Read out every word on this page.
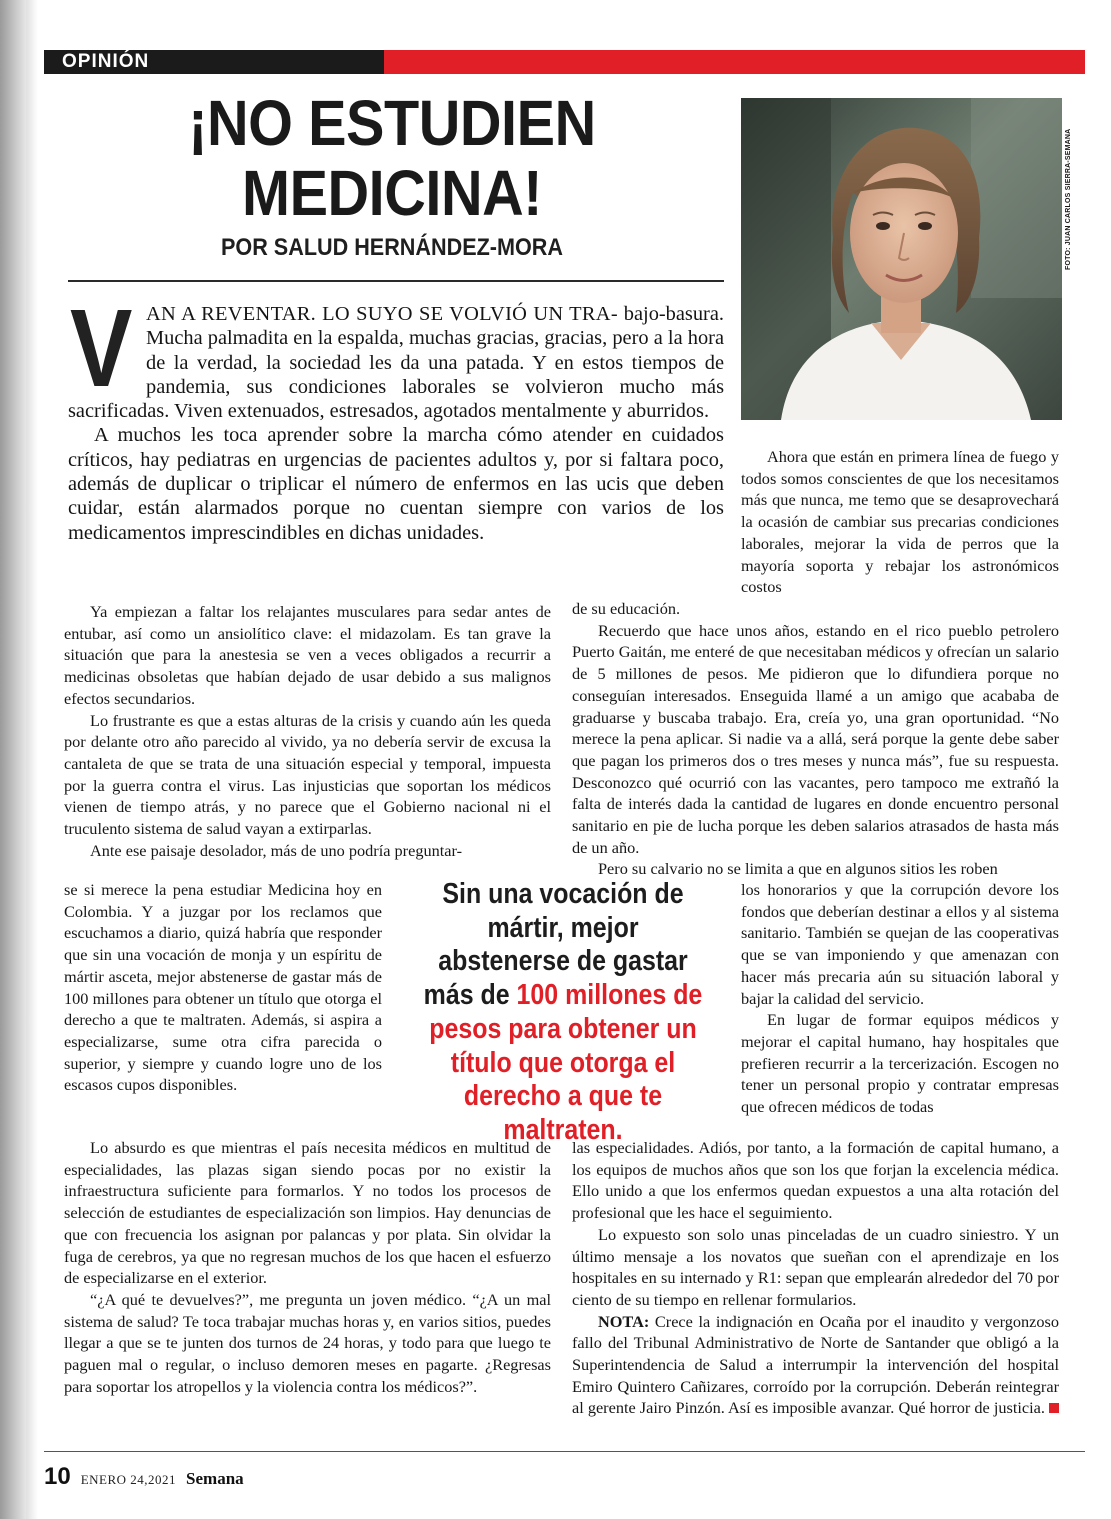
OPINIÓN
¡NO ESTUDIEN
MEDICINA!
POR SALUD HERNÁNDEZ-MORA	FOTO: JUAN CARLOS SIERRA-SEMANA

VAN A REVENTAR. LO SUYO SE VOLVIÓ UN TRA- bajo-basura. Mucha palmadita en la espalda, muchas gracias, gracias, pero a la hora de la verdad, la sociedad les da una patada. Y en estos tiempos de pandemia, sus condiciones laborales se volvieron mucho más sacrificadas. Viven extenuados, estresados, agotados mentalmente y aburridos.

A muchos les toca aprender sobre la marcha cómo atender en cuidados críticos, hay pediatras en urgencias de pacientes adultos y, por si faltara poco, además de duplicar o triplicar el número de enfermos en las ucis que deben cuidar, están alarmados porque no cuentan siempre con varios de los medicamentos imprescindibles en dichas unidades.

Ahora que están en primera línea de fuego y todos somos conscientes de que los necesitamos más que nunca, me temo que se desaprovechará la ocasión de cambiar sus precarias condiciones laborales, mejorar la vida de perros que la mayoría soporta y rebajar los astronómicos costos

Ya empiezan a faltar los relajantes musculares para sedar antes de entubar, así como un ansiolítico clave: el midazolam. Es tan grave la situación que para la anestesia se ven a veces obligados a recurrir a medicinas obsoletas que habían dejado de usar debido a sus malignos efectos secundarios.

Lo frustrante es que a estas alturas de la crisis y cuando aún les queda por delante otro año parecido al vivido, ya no debería servir de excusa la cantaleta de que se trata de una situación especial y temporal, impuesta por la guerra contra el virus. Las injusticias que soportan los médicos vienen de tiempo atrás, y no parece que el Gobierno nacional ni el truculento sistema de salud vayan a extirparlas.

Ante ese paisaje desolador, más de uno podría preguntar-

se si merece la pena estudiar Medicina hoy en Colombia. Y a juzgar por los reclamos que escuchamos a diario, quizá habría que responder que sin una vocación de monja y un espíritu de mártir asceta, mejor abstenerse de gastar más de 100 millones para obtener un título que otorga el derecho a que te maltraten. Además, si aspira a especializarse, sume otra cifra parecida o superior, y siempre y cuando logre uno de los escasos cupos disponibles.

Sin una vocación de mártir, mejor abstenerse de gastar más de 100 millones de pesos para obtener un título que otorga el derecho a que te maltraten.

Lo absurdo es que mientras el país necesita médicos en multitud de especialidades, las plazas sigan siendo pocas por no existir la infraestructura suficiente para formarlos. Y no todos los procesos de selección de estudiantes de especialización son limpios. Hay denuncias de que con frecuencia los asignan por palancas y por plata. Sin olvidar la fuga de cerebros, ya que no regresan muchos de los que hacen el esfuerzo de especializarse en el exterior.

“¿A qué te devuelves?”, me pregunta un joven médico. “¿A un mal sistema de salud? Te toca trabajar muchas horas y, en varios sitios, puedes llegar a que se te junten dos turnos de 24 horas, y todo para que luego te paguen mal o regular, o incluso demoren meses en pagarte. ¿Regresas para soportar los atropellos y la violencia contra los médicos?”.

de su educación.

Recuerdo que hace unos años, estando en el rico pueblo petrolero Puerto Gaitán, me enteré de que necesitaban médicos y ofrecían un salario de 5 millones de pesos. Me pidieron que lo difundiera porque no conseguían interesados. Enseguida llamé a un amigo que acababa de graduarse y buscaba trabajo. Era, creía yo, una gran oportunidad. “No merece la pena aplicar. Si nadie va a allá, será porque la gente debe saber que pagan los primeros dos o tres meses y nunca más”, fue su respuesta. Desconozco qué ocurrió con las vacantes, pero tampoco me extrañó la falta de interés dada la cantidad de lugares en donde encuentro personal sanitario en pie de lucha porque les deben salarios atrasados de hasta más de un año.

Pero su calvario no se limita a que en algunos sitios les roben

los honorarios y que la corrupción devore los fondos que deberían destinar a ellos y al sistema sanitario. También se quejan de las cooperativas que se van imponiendo y que amenazan con hacer más precaria aún su situación laboral y bajar la calidad del servicio.

En lugar de formar equipos médicos y mejorar el capital humano, hay hospitales que prefieren recurrir a la tercerización. Escogen no tener un personal propio y contratar empresas que ofrecen médicos de todas

las especialidades. Adiós, por tanto, a la formación de capital humano, a los equipos de muchos años que son los que forjan la excelencia médica. Ello unido a que los enfermos quedan expuestos a una alta rotación del profesional que les hace el seguimiento.

Lo expuesto son solo unas pinceladas de un cuadro siniestro. Y un último mensaje a los novatos que sueñan con el aprendizaje en los hospitales en su internado y R1: sepan que emplearán alrededor del 70 por ciento de su tiempo en rellenar formularios.

NOTA: Crece la indignación en Ocaña por el inaudito y vergonzoso fallo del Tribunal Administrativo de Norte de Santander que obligó a la Superintendencia de Salud a interrumpir la intervención del hospital Emiro Quintero Cañizares, corroído por la corrupción. Deberán reintegrar al gerente Jairo Pinzón. Así es imposible avanzar. Qué horror de justicia.

10 ENERO 24,2021 Semana
